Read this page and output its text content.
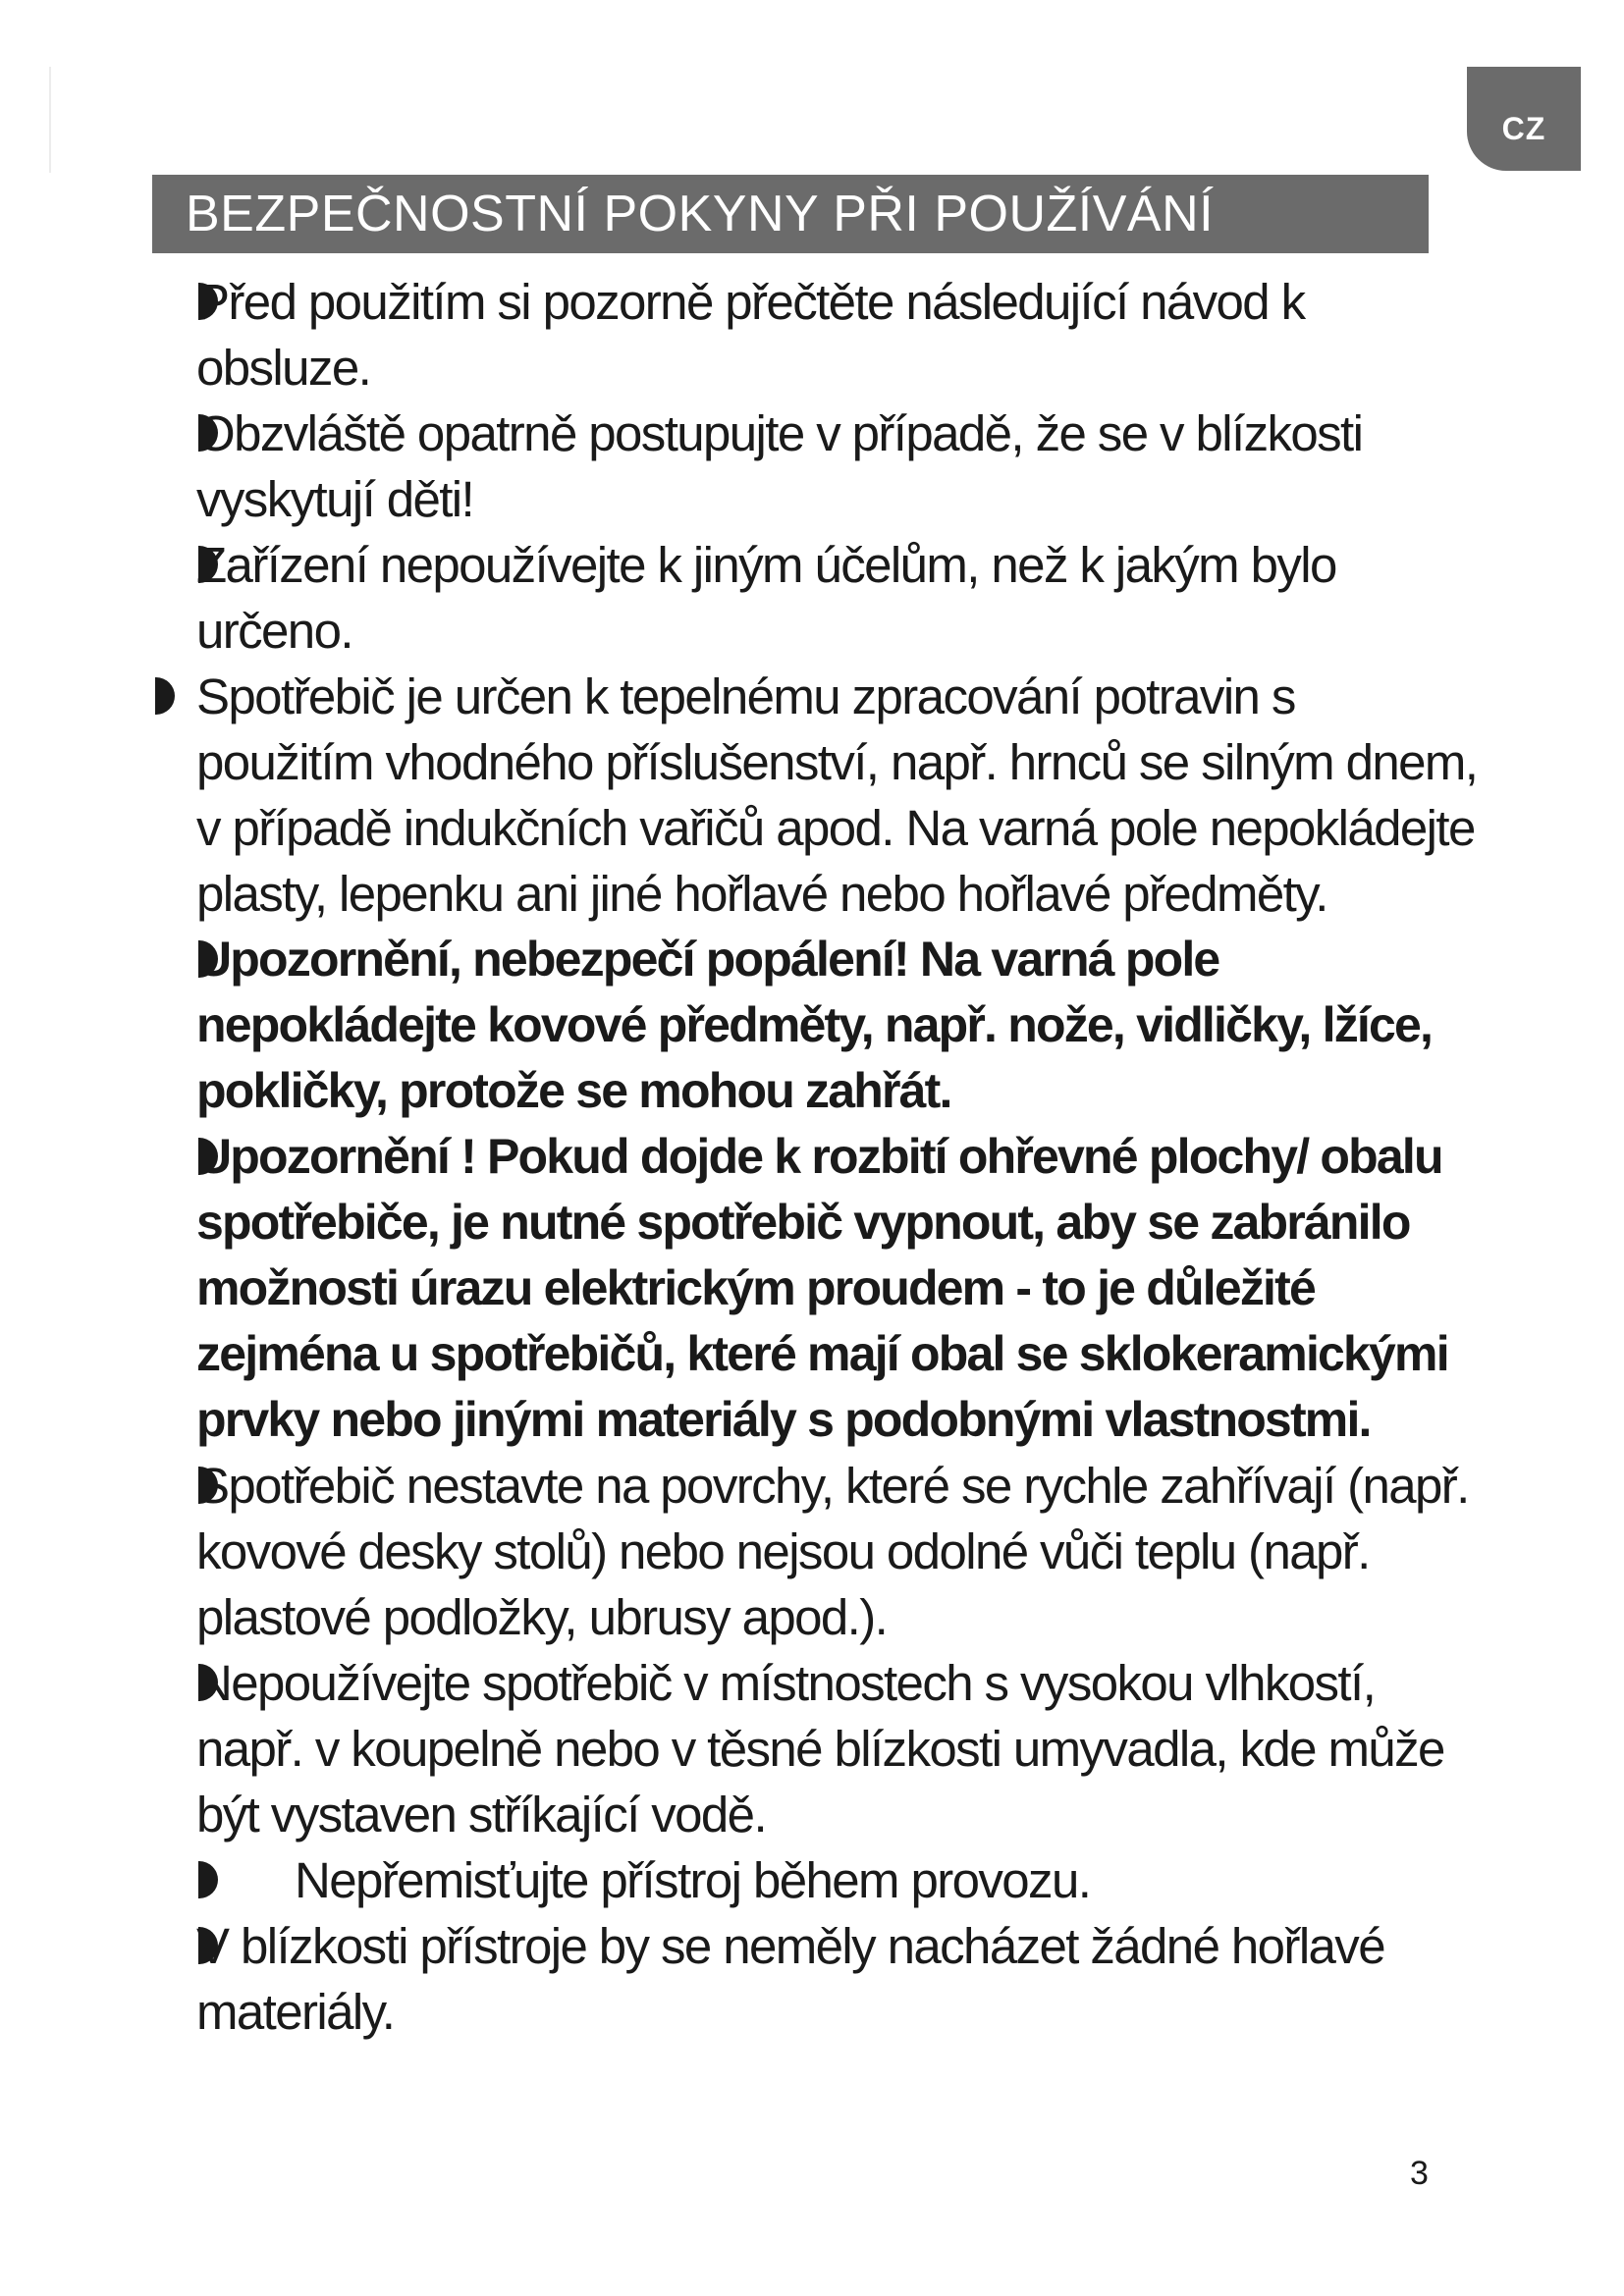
CZ
BEZPEČNOSTNÍ POKYNY PŘI POUŽÍVÁNÍ

Před použitím si pozorně přečtěte následující návod k obsluze.

Obzvláště opatrně postupujte v případě, že se v blízkosti vyskytují děti!

Zařízení nepoužívejte k jiným účelům, než k jakým bylo určeno.

Spotřebič je určen k tepelnému zpracování potravin s použitím vhodného příslušenství, např. hrnců se silným dnem, v případě indukčních vařičů apod. Na varná pole nepokládejte plasty, lepenku ani jiné hořlavé nebo hořlavé předměty.

Upozornění, nebezpečí popálení! Na varná pole nepokládejte kovové předměty, např. nože, vidličky, lžíce, pokličky, protože se mohou zahřát.

Upozornění ! Pokud dojde k rozbití ohřevné plochy/ obalu spotřebiče, je nutné spotřebič vypnout, aby se zabránilo možnosti úrazu elektrickým proudem - to je důležité zejména u spotřebičů, které mají obal se sklokeramickými prvky nebo jinými materiály s podobnými vlastnostmi.

Spotřebič nestavte na povrchy, které se rychle zahřívají (např. kovové desky stolů) nebo nejsou odolné vůči teplu (např. plastové podložky, ubrusy apod.).

Nepoužívejte spotřebič v místnostech s vysokou vlhkostí, např. v koupelně nebo v těsné blízkosti umyvadla, kde může být vystaven stříkající vodě.

Nepřemisťujte přístroj během provozu.

V blízkosti přístroje by se neměly nacházet žádné hořlavé materiály.

3
